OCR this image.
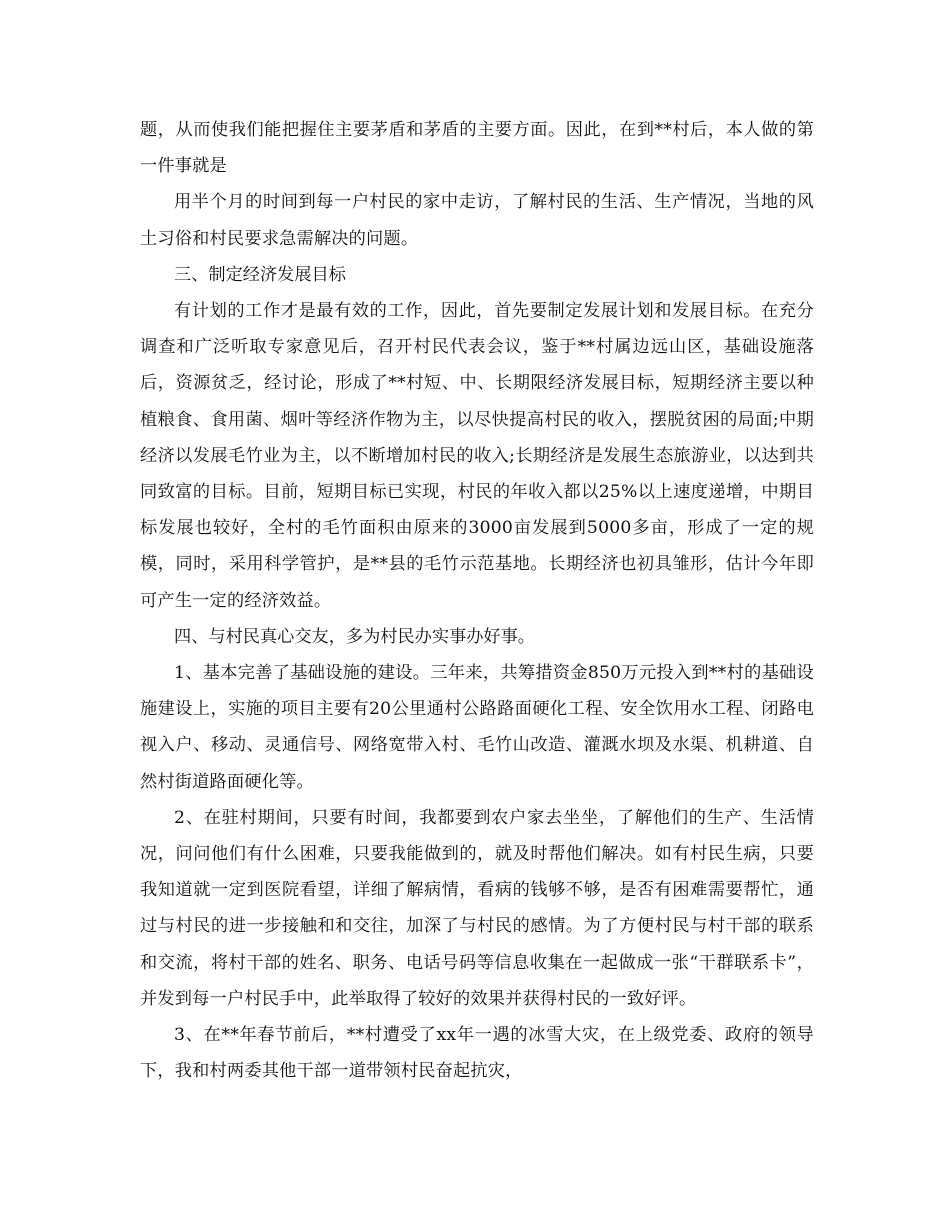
题，从而使我们能把握住主要茅盾和茅盾的主要方面。因此，在到**村后，本人做的第一件事就是

用半个月的时间到每一户村民的家中走访，了解村民的生活、生产情况，当地的风土习俗和村民要求急需解决的问题。

三、制定经济发展目标

有计划的工作才是最有效的工作，因此，首先要制定发展计划和发展目标。在充分调查和广泛听取专家意见后，召开村民代表会议，鉴于**村属边远山区，基础设施落后，资源贫乏，经讨论，形成了**村短、中、长期限经济发展目标，短期经济主要以种植粮食、食用菌、烟叶等经济作物为主，以尽快提高村民的收入，摆脱贫困的局面;中期经济以发展毛竹业为主，以不断增加村民的收入;长期经济是发展生态旅游业，以达到共同致富的目标。目前，短期目标已实现，村民的年收入都以25%以上速度递增，中期目标发展也较好，全村的毛竹面积由原来的3000亩发展到5000多亩，形成了一定的规模，同时，采用科学管护，是**县的毛竹示范基地。长期经济也初具雏形，估计今年即可产生一定的经济效益。

四、与村民真心交友，多为村民办实事办好事。

1、基本完善了基础设施的建设。三年来，共筹措资金850万元投入到**村的基础设施建设上，实施的项目主要有20公里通村公路路面硬化工程、安全饮用水工程、闭路电视入户、移动、灵通信号、网络宽带入村、毛竹山改造、灌溉水坝及水渠、机耕道、自然村街道路面硬化等。

2、在驻村期间，只要有时间，我都要到农户家去坐坐，了解他们的生产、生活情况，问问他们有什么困难，只要我能做到的，就及时帮他们解决。如有村民生病，只要我知道就一定到医院看望，详细了解病情，看病的钱够不够，是否有困难需要帮忙，通过与村民的进一步接触和和交往，加深了与村民的感情。为了方便村民与村干部的联系和交流，将村干部的姓名、职务、电话号码等信息收集在一起做成一张“干群联系卡”，并发到每一户村民手中，此举取得了较好的效果并获得村民的一致好评。

3、在**年春节前后，**村遭受了xx年一遇的冰雪大灾，在上级党委、政府的领导下，我和村两委其他干部一道带领村民奋起抗灾，
